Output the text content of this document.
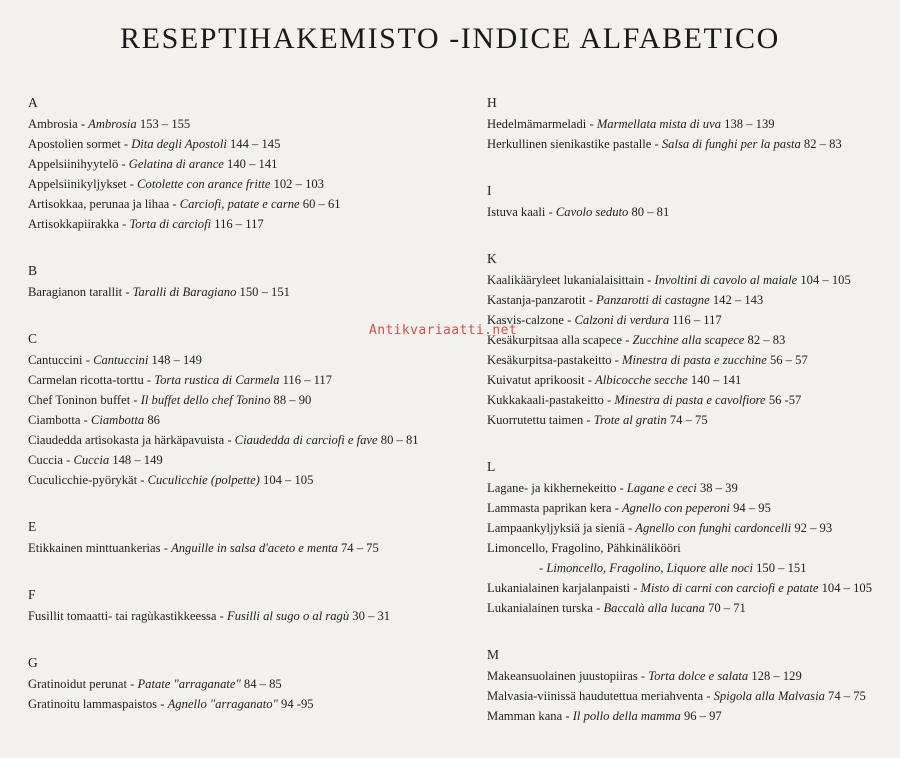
RESEPTIHAKEMISTO -INDICE ALFABETICO
A
Ambrosia - Ambrosia 153 – 155
Apostolien sormet - Dita degli Apostoli 144 – 145
Appelsiinihyytelö - Gelatina di arance 140 – 141
Appelsiinikyljykset - Cotolette con arance fritte 102 – 103
Artisokkaa, perunaa ja lihaa - Carciofi, patate e carne 60 – 61
Artisokkapiirakka - Torta di carciofi 116 – 117
B
Baragianon tarallit - Taralli di Baragiano 150 – 151
C
Cantuccini - Cantuccini 148 – 149
Carmelan ricotta-torttu - Torta rustica di Carmela 116 – 117
Chef Toninon buffet - Il buffet dello chef Tonino 88 – 90
Ciambotta - Ciambotta 86
Ciaudedda artisokasta ja härkäpavuista - Ciaudedda di carciofi e fave 80 – 81
Cuccia - Cuccia 148 – 149
Cuculicchie-pyörykät - Cuculicchie (polpette) 104 – 105
E
Etikkainen minttuankerias - Anguille in salsa d'aceto e menta 74 – 75
F
Fusillit tomaatti- tai ragùkastikkeessa - Fusilli al sugo o al ragù 30 – 31
G
Gratinoidut perunat - Patate "arraganate" 84 – 85
Gratinoitu lammaspaistos - Agnello "arraganato" 94 -95
H
Hedelmämarmeladi - Marmellata mista di uva 138 – 139
Herkullinen sienikastike pastalle - Salsa di funghi per la pasta 82 – 83
I
Istuva kaali - Cavolo seduto 80 – 81
K
Kaalikääryleet lukanialaisittain - Involtini di cavolo al maiale 104 – 105
Kastanja-panzarotit - Panzarotti di castagne 142 – 143
Kasvis-calzone - Calzoni di verdura 116 – 117
Kesäkurpitsaa alla scapece - Zucchine alla scapece 82 – 83
Kesäkurpitsa-pastakeitto - Minestra di pasta e zucchine 56 – 57
Kuivatut aprikoosit - Albicocche secche 140 – 141
Kukkakaali-pastakeitto - Minestra di pasta e cavolfiore 56 -57
Kuorrutettu taimen - Trote al gratin 74 – 75
L
Lagane- ja kikhernekeitto - Lagane e ceci 38 – 39
Lammasta paprikan kera - Agnello con peperoni 94 – 95
Lampaankyljyksiä ja sieniä - Agnello con funghi cardoncelli 92 – 93
Limoncello, Fragolino, Pähkinälikööri
- Limoncello, Fragolino, Liquore alle noci 150 – 151
Lukanialainen karjalanpaisti - Misto di carni con carciofi e patate 104 – 105
Lukanialainen turska - Baccalà alla lucana 70 – 71
M
Makeansuolainen juustopiiras - Torta dolce e salata 128 – 129
Malvasia-viinissä haudutettua meriahventa - Spigola alla Malvasia 74 – 75
Mamman kana - Il pollo della mamma 96 – 97
Antikvariaatti.net
